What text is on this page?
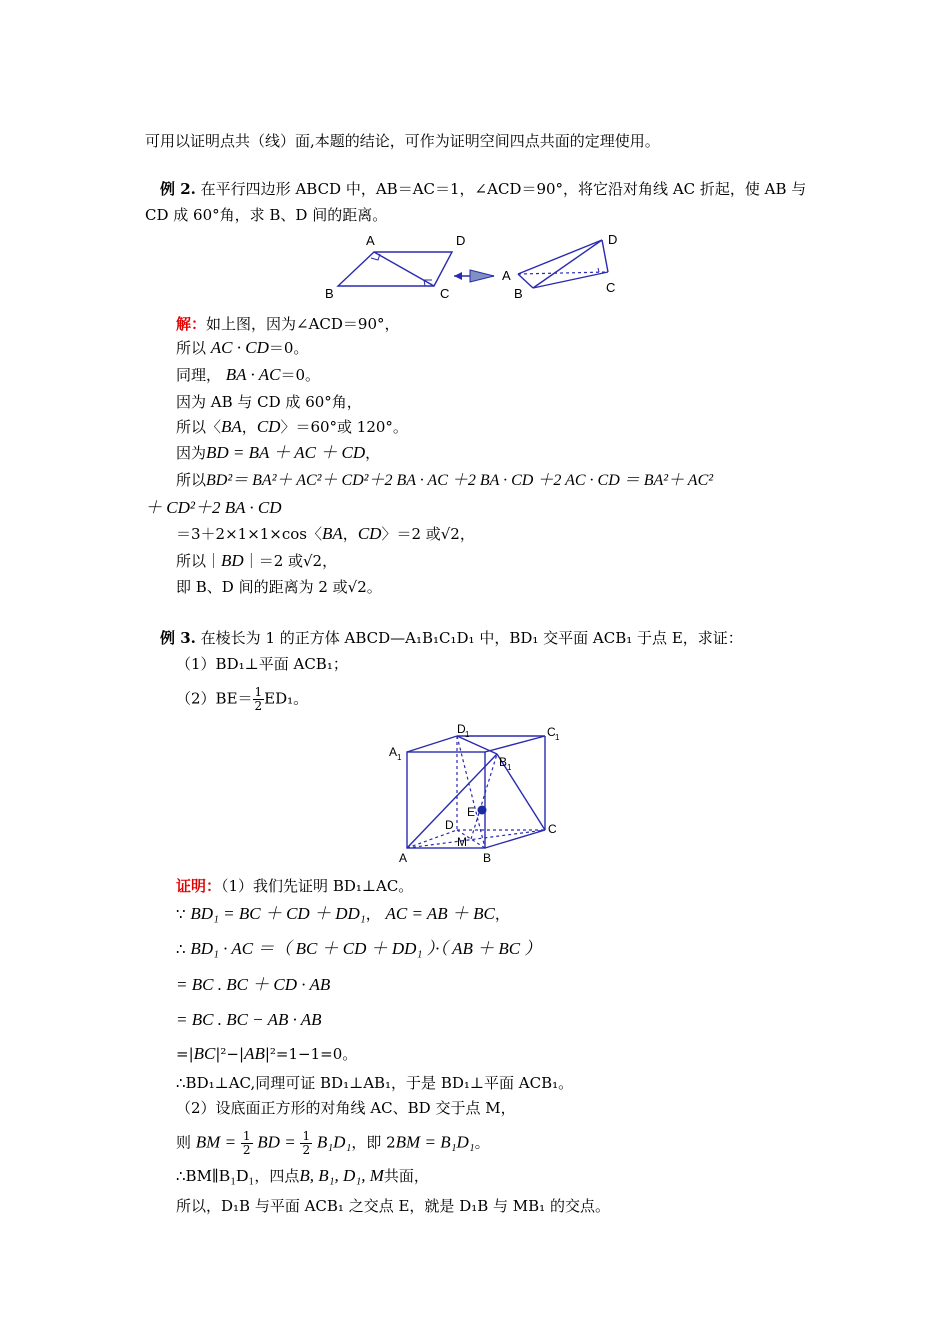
可用以证明点共（线）面,本题的结论，可作为证明空间四点共面的定理使用。
例 2. 在平行四边形 ABCD 中，AB＝AC＝1，∠ACD＝90°，将它沿对角线 AC 折起，使 AB 与
CD 成 60°角，求 B、D 间的距离。
A	D
B	C
A
D
B	C
解：如上图，因为∠ACD＝90°，
所以 AC · CD＝0。
同理， BA · AC＝0。
因为 AB 与 CD 成 60°角，
所以〈BA，CD〉＝60°或 120°。
因为BD = BA ＋ AC ＋ CD，
所以BD²＝ BA²＋ AC²＋ CD²＋2 BA · AC ＋2 BA · CD ＋2 AC · CD ＝ BA²＋ AC²
＋ CD²＋2 BA · CD
＝3＋2×1×1×cos〈BA，CD〉＝2 或√2，
所以｜BD｜＝2 或√2，
即 B、D 间的距离为 2 或√2。
例 3. 在棱长为 1 的正方体 ABCD—A₁B₁C₁D₁ 中，BD₁ 交平面 ACB₁ 于点 E，求证：
（1）BD₁⊥平面 ACB₁；
$(2)BE= \frac{1}{2} ED_1$。
A 1
D 1	C 1
B 1
E
D
M
C
A	B
证明：（1）我们先证明 BD₁⊥AC。
∵ BD₁ = BC ＋ CD ＋ DD₁， AC = AB ＋ BC，
∴ BD₁ · AC ＝（ BC ＋ CD ＋ DD₁ ）·（ AB ＋ BC ）
= BC . BC ＋ CD · AB
= BC . BC − AB · AB
=|BC|²−|AB|²=1−1=0。
∴BD₁⊥AC,同理可证 BD₁⊥AB₁，于是 BD₁⊥平面 ACB₁。
（2）设底面正方形的对角线 AC、BD 交于点 M，
则 BM = $\frac{1}{2}$ BD = $\frac{1}{2} B_1D_1$，即 2BM = B₁D₁。
∴BM∥B₁D₁，四点B, B₁, D₁, M共面，
所以，D₁B 与平面 ACB₁ 之交点 E，就是 D₁B 与 MB₁ 的交点。
